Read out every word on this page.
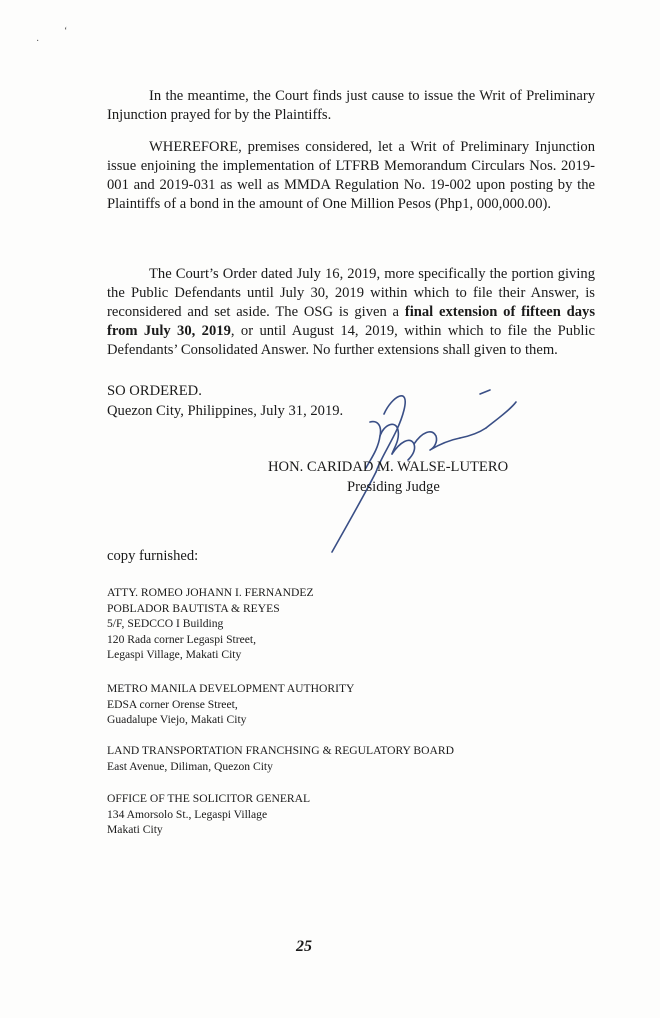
·
ʻ

In the meantime, the Court finds just cause to issue the Writ of Preliminary Injunction prayed for by the Plaintiffs.

WHEREFORE, premises considered, let a Writ of Preliminary Injunction issue enjoining the implementation of LTFRB Memorandum Circulars Nos. 2019-001 and 2019-031 as well as MMDA Regulation No. 19-002 upon posting by the Plaintiffs of a bond in the amount of One Million Pesos (Php1, 000,000.00).

The Court’s Order dated July 16, 2019, more specifically the portion giving the Public Defendants until July 30, 2019 within which to file their Answer, is reconsidered and set aside. The OSG is given a final extension of fifteen days from July 30, 2019, or until August 14, 2019, within which to file the Public Defendants’ Consolidated Answer. No further extensions shall given to them.

SO ORDERED.

Quezon City, Philippines, July 31, 2019.

HON. CARIDAD M. WALSE-LUTERO

Presiding Judge

copy furnished:

ATTY. ROMEO JOHANN I. FERNANDEZ
POBLADOR BAUTISTA & REYES
5/F, SEDCCO I Building
120 Rada corner Legaspi Street,
Legaspi Village, Makati City
METRO MANILA DEVELOPMENT AUTHORITY
EDSA corner Orense Street,
Guadalupe Viejo, Makati City
LAND TRANSPORTATION FRANCHSING & REGULATORY BOARD
East Avenue, Diliman, Quezon City
OFFICE OF THE SOLICITOR GENERAL
134 Amorsolo St., Legaspi Village
Makati City
25
